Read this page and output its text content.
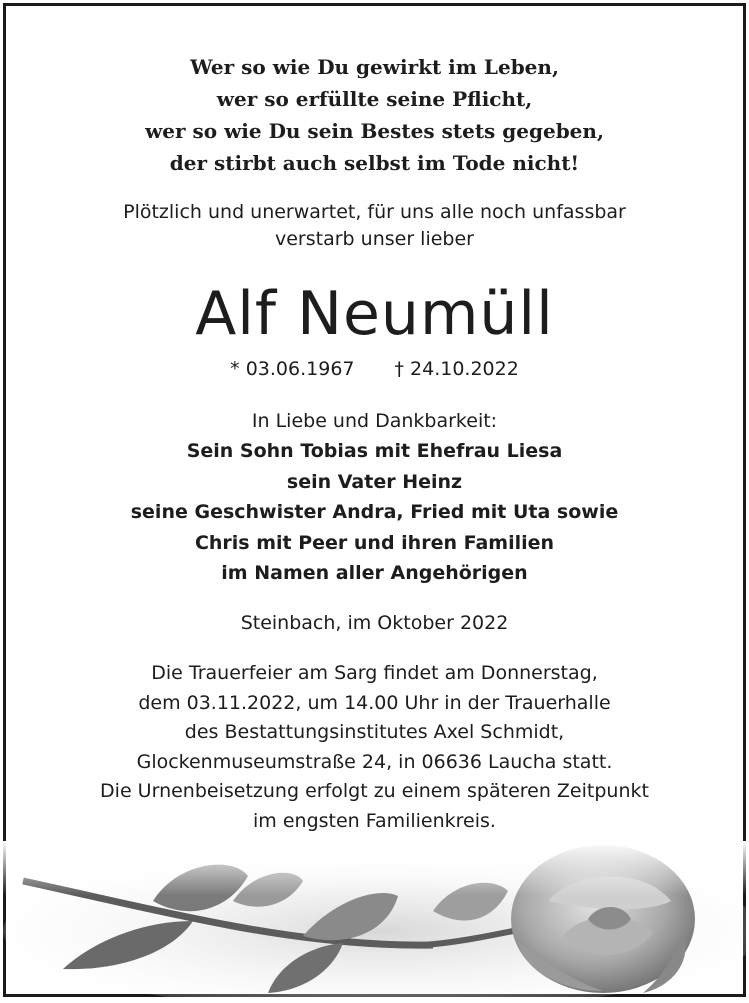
Wer so wie Du gewirkt im Leben,
wer so erfüllte seine Pflicht,
wer so wie Du sein Bestes stets gegeben,
der stirbt auch selbst im Tode nicht!

Plötzlich und unerwartet, für uns alle noch unfassbar
verstarb unser lieber

Alf Neumüll

* 03.06.1967 † 24.10.2022

In Liebe und Dankbarkeit:

Sein Sohn Tobias mit Ehefrau Liesa
sein Vater Heinz
seine Geschwister Andra, Fried mit Uta sowie
Chris mit Peer und ihren Familien
im Namen aller Angehörigen

Steinbach, im Oktober 2022

Die Trauerfeier am Sarg findet am Donnerstag,
dem 03.11.2022, um 14.00 Uhr in der Trauerhalle
des Bestattungsinstitutes Axel Schmidt,
Glockenmuseumstraße 24, in 06636 Laucha statt.
Die Urnenbeisetzung erfolgt zu einem späteren Zeitpunkt
im engsten Familienkreis.
